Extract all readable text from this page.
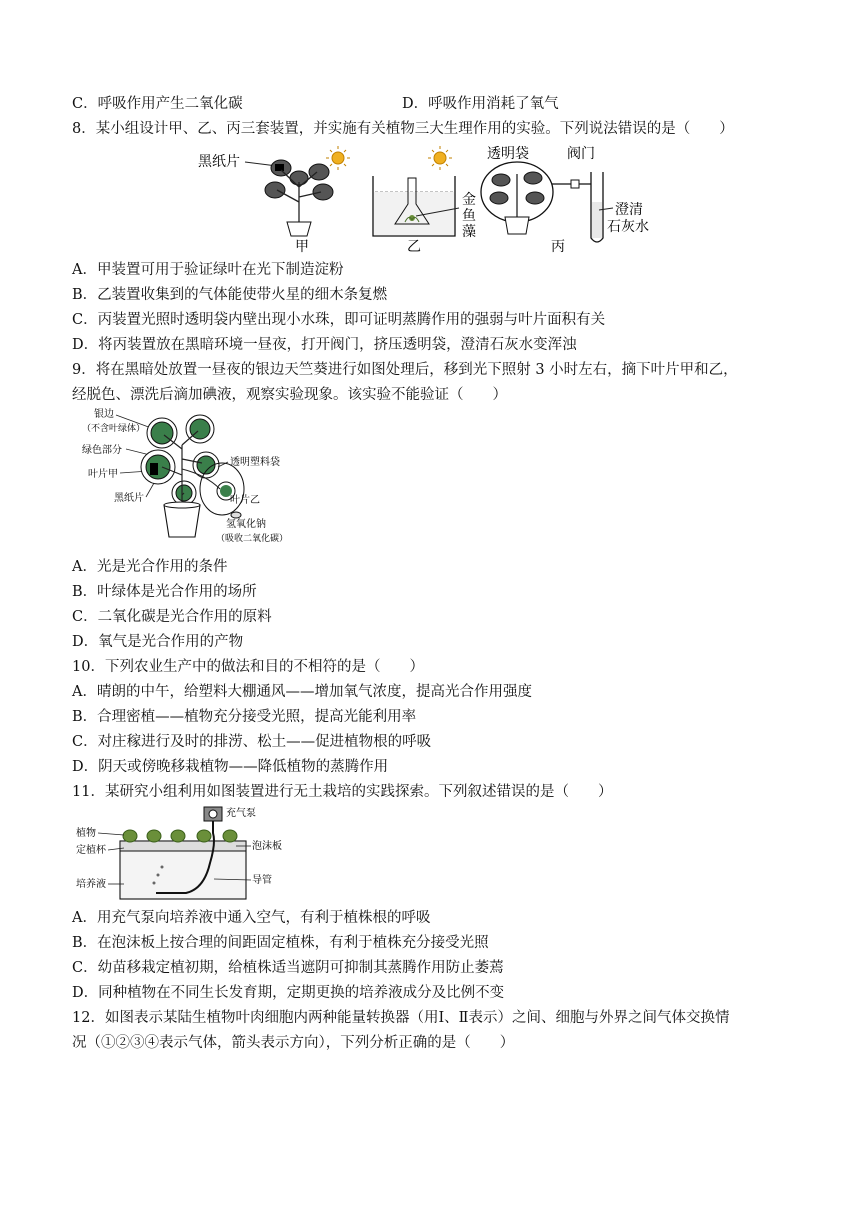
C．呼吸作用产生二氧化碳	D．呼吸作用消耗了氧气
8．某小组设计甲、乙、丙三套装置，并实施有关植物三大生理作用的实验。下列说法错误的是（　　）
黑纸片
甲
金
鱼
藻
乙
透明袋	阀门
澄清
石灰水
丙
A．甲装置可用于验证绿叶在光下制造淀粉
B．乙装置收集到的气体能使带火星的细木条复燃
C．丙装置光照时透明袋内壁出现小水珠，即可证明蒸腾作用的强弱与叶片面积有关
D．将丙装置放在黑暗环境一昼夜，打开阀门，挤压透明袋，澄清石灰水变浑浊
9．将在黑暗处放置一昼夜的银边天竺葵进行如图处理后，移到光下照射 3 小时左右，摘下叶片甲和乙，
经脱色、漂洗后滴加碘液，观察实验现象。该实验不能验证（　　）
银边
（不含叶绿体）
绿色部分
叶片甲
黑纸片
透明塑料袋
叶片乙
氢氧化钠
（吸收二氧化碳）
A．光是光合作用的条件
B．叶绿体是光合作用的场所
C．二氧化碳是光合作用的原料
D．氧气是光合作用的产物
10．下列农业生产中的做法和目的不相符的是（　　）
A．晴朗的中午，给塑料大棚通风——增加氧气浓度，提高光合作用强度
B．合理密植——植物充分接受光照，提高光能利用率
C．对庄稼进行及时的排涝、松土——促进植物根的呼吸
D．阴天或傍晚移栽植物——降低植物的蒸腾作用
11．某研究小组利用如图装置进行无土栽培的实践探索。下列叙述错误的是（　　）
充气泵
植物
定植杯	泡沫板
培养液	导管
A．用充气泵向培养液中通入空气，有利于植株根的呼吸
B．在泡沫板上按合理的间距固定植株，有利于植株充分接受光照
C．幼苗移栽定植初期，给植株适当遮阴可抑制其蒸腾作用防止萎蔫
D．同种植物在不同生长发育期，定期更换的培养液成分及比例不变
12．如图表示某陆生植物叶肉细胞内两种能量转换器（用Ⅰ、Ⅱ表示）之间、细胞与外界之间气体交换情
况（①②③④表示气体，箭头表示方向），下列分析正确的是（　　）
